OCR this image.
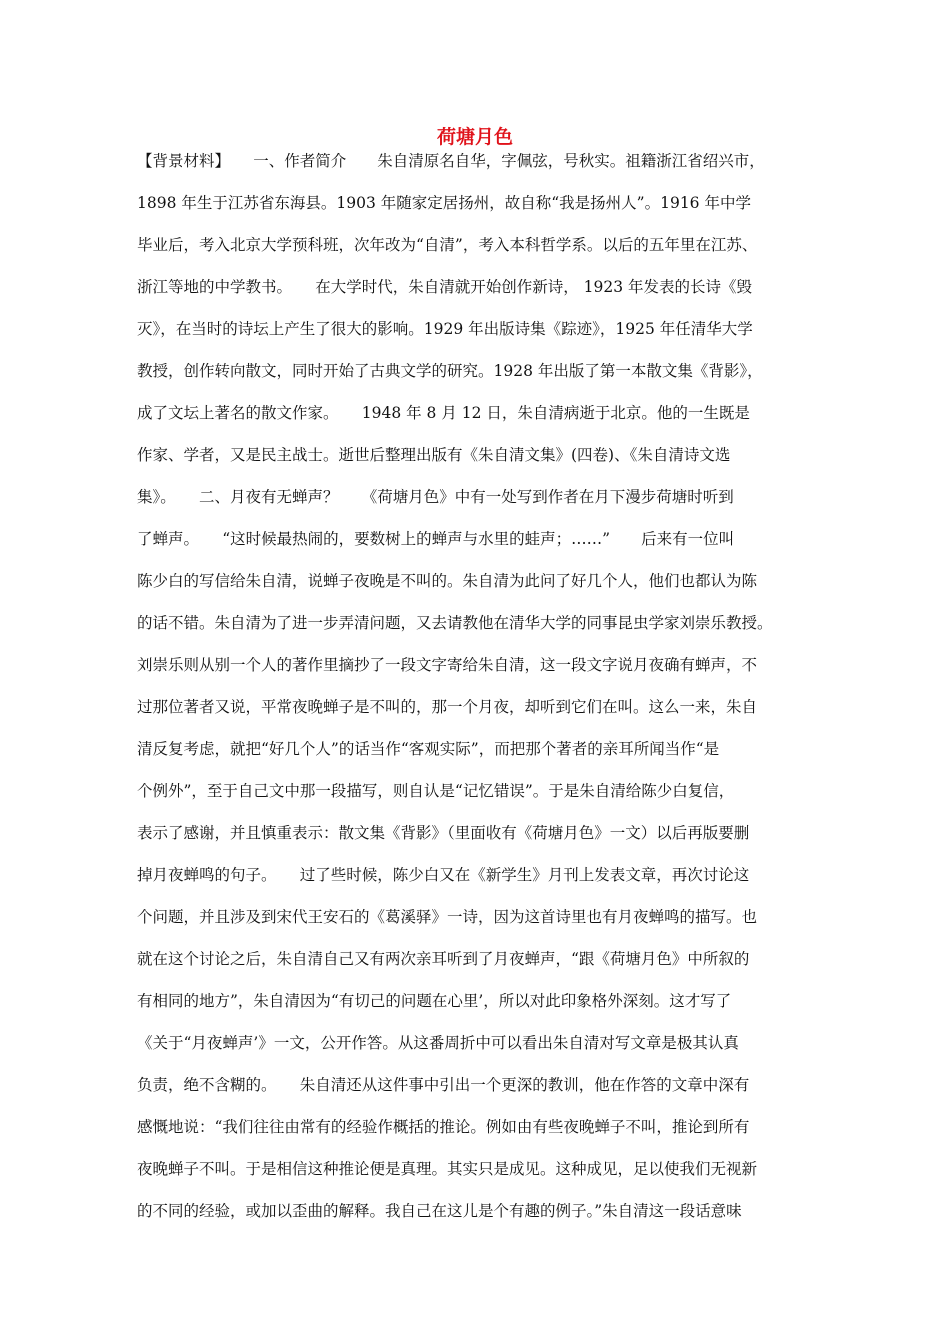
荷塘月色
【背景材料】　　一、作者简介　　朱自清原名自华，字佩弦，号秋实。祖籍浙江省绍兴市，
1898 年生于江苏省东海县。1903 年随家定居扬州，故自称“我是扬州人”。1916 年中学
毕业后，考入北京大学预科班，次年改为“自清”，考入本科哲学系。以后的五年里在江苏、
浙江等地的中学教书。　　在大学时代，朱自清就开始创作新诗， 1923 年发表的长诗《毁
灭》，在当时的诗坛上产生了很大的影响。1929 年出版诗集《踪迹》，1925 年任清华大学
教授，创作转向散文，同时开始了古典文学的研究。1928 年出版了第一本散文集《背影》，
成了文坛上著名的散文作家。　　1948 年 8 月 12 日，朱自清病逝于北京。他的一生既是
作家、学者，又是民主战士。逝世后整理出版有《朱自清文集》(四卷)、《朱自清诗文选
集》。　　二、月夜有无蝉声？　　《荷塘月色》中有一处写到作者在月下漫步荷塘时听到
了蝉声。　　“这时候最热闹的，要数树上的蝉声与水里的蛙声；……”　　后来有一位叫
陈少白的写信给朱自清，说蝉子夜晚是不叫的。朱自清为此问了好几个人，他们也都认为陈
的话不错。朱自清为了进一步弄清问题，又去请教他在清华大学的同事昆虫学家刘崇乐教授。
刘崇乐则从别一个人的著作里摘抄了一段文字寄给朱自清，这一段文字说月夜确有蝉声，不
过那位著者又说，平常夜晚蝉子是不叫的，那一个月夜，却听到它们在叫。这么一来，朱自
清反复考虑，就把“好几个人”的话当作“客观实际”，而把那个著者的亲耳所闻当作“是
个例外”，至于自己文中那一段描写，则自认是“记忆错误”。于是朱自清给陈少白复信，
表示了感谢，并且慎重表示：散文集《背影》（里面收有《荷塘月色》一文）以后再版要删
掉月夜蝉鸣的句子。　　过了些时候，陈少白又在《新学生》月刊上发表文章，再次讨论这
个问题，并且涉及到宋代王安石的《葛溪驿》一诗，因为这首诗里也有月夜蝉鸣的描写。也
就在这个讨论之后，朱自清自己又有两次亲耳听到了月夜蝉声，“跟《荷塘月色》中所叙的
有相同的地方”，朱自清因为“有切己的问题在心里’，所以对此印象格外深刻。这才写了
《关于“月夜蝉声’》一文，公开作答。从这番周折中可以看出朱自清对写文章是极其认真
负责，绝不含糊的。　　朱自清还从这件事中引出一个更深的教训，他在作答的文章中深有
感慨地说：“我们往往由常有的经验作概括的推论。例如由有些夜晚蝉子不叫，推论到所有
夜晚蝉子不叫。于是相信这种推论便是真理。其实只是成见。这种成见，足以使我们无视新
的不同的经验，或加以歪曲的解释。我自己在这儿是个有趣的例子。”朱自清这一段话意味
